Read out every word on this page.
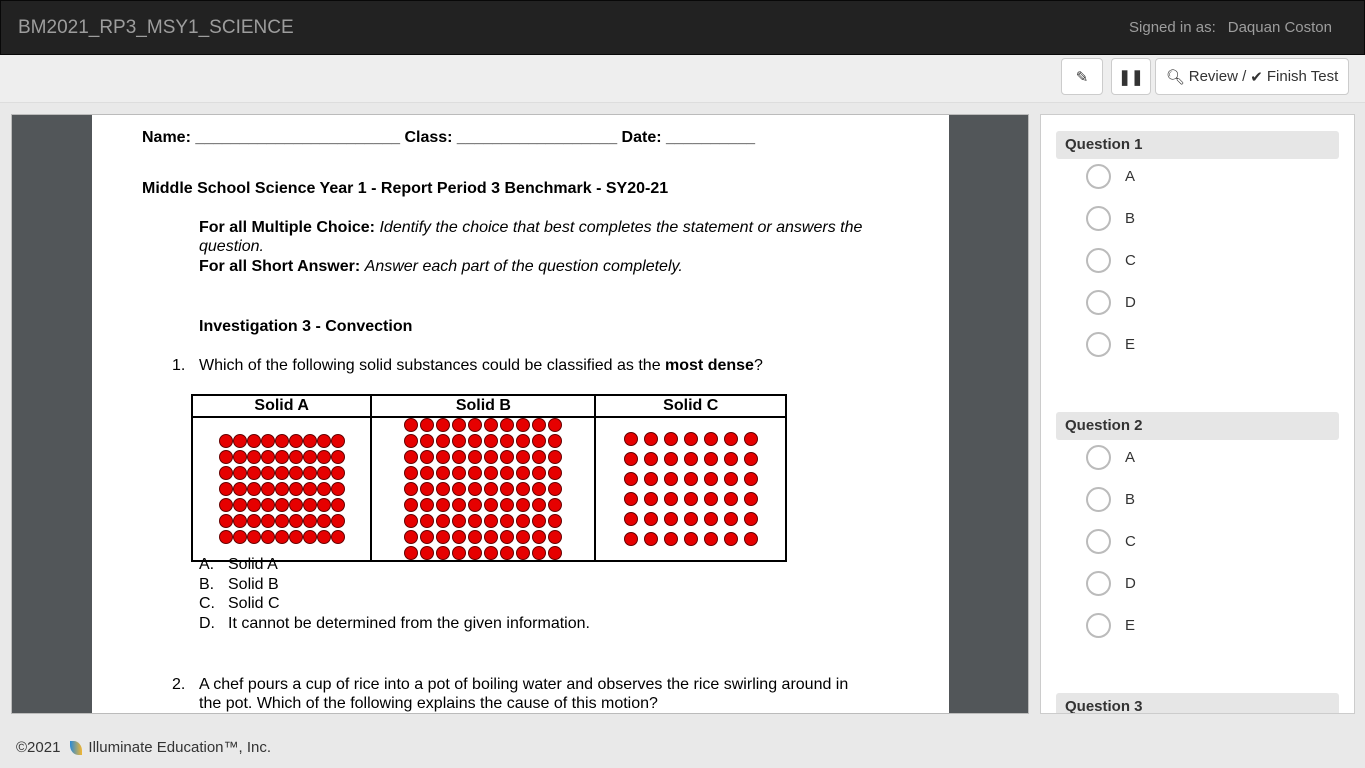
BM2021_RP3_MSY1_SCIENCE	Signed in as: Daquan Coston
✎ ❚❚ 🔍︎ Review / ✔ Finish Test
Name: _______________________ Class: __________________ Date: __________
Middle School Science Year 1 - Report Period 3 Benchmark - SY20-21
For all Multiple Choice: Identify the choice that best completes the statement or answers the
question.
For all Short Answer: Answer each part of the question completely.
Investigation 3 - Convection
1. Which of the following solid substances could be classified as the most dense?
Solid A	Solid B	Solid C

A. Solid A
B. Solid B
C. Solid C
D. It cannot be determined from the given information.
2. A chef pours a cup of rice into a pot of boiling water and observes the rice swirling around in
the pot. Which of the following explains the cause of this motion?
Question 1
A
B
C
D
E
Question 2
A
B
C
D
E
Question 3
©2021 Illuminate Education™, Inc.
